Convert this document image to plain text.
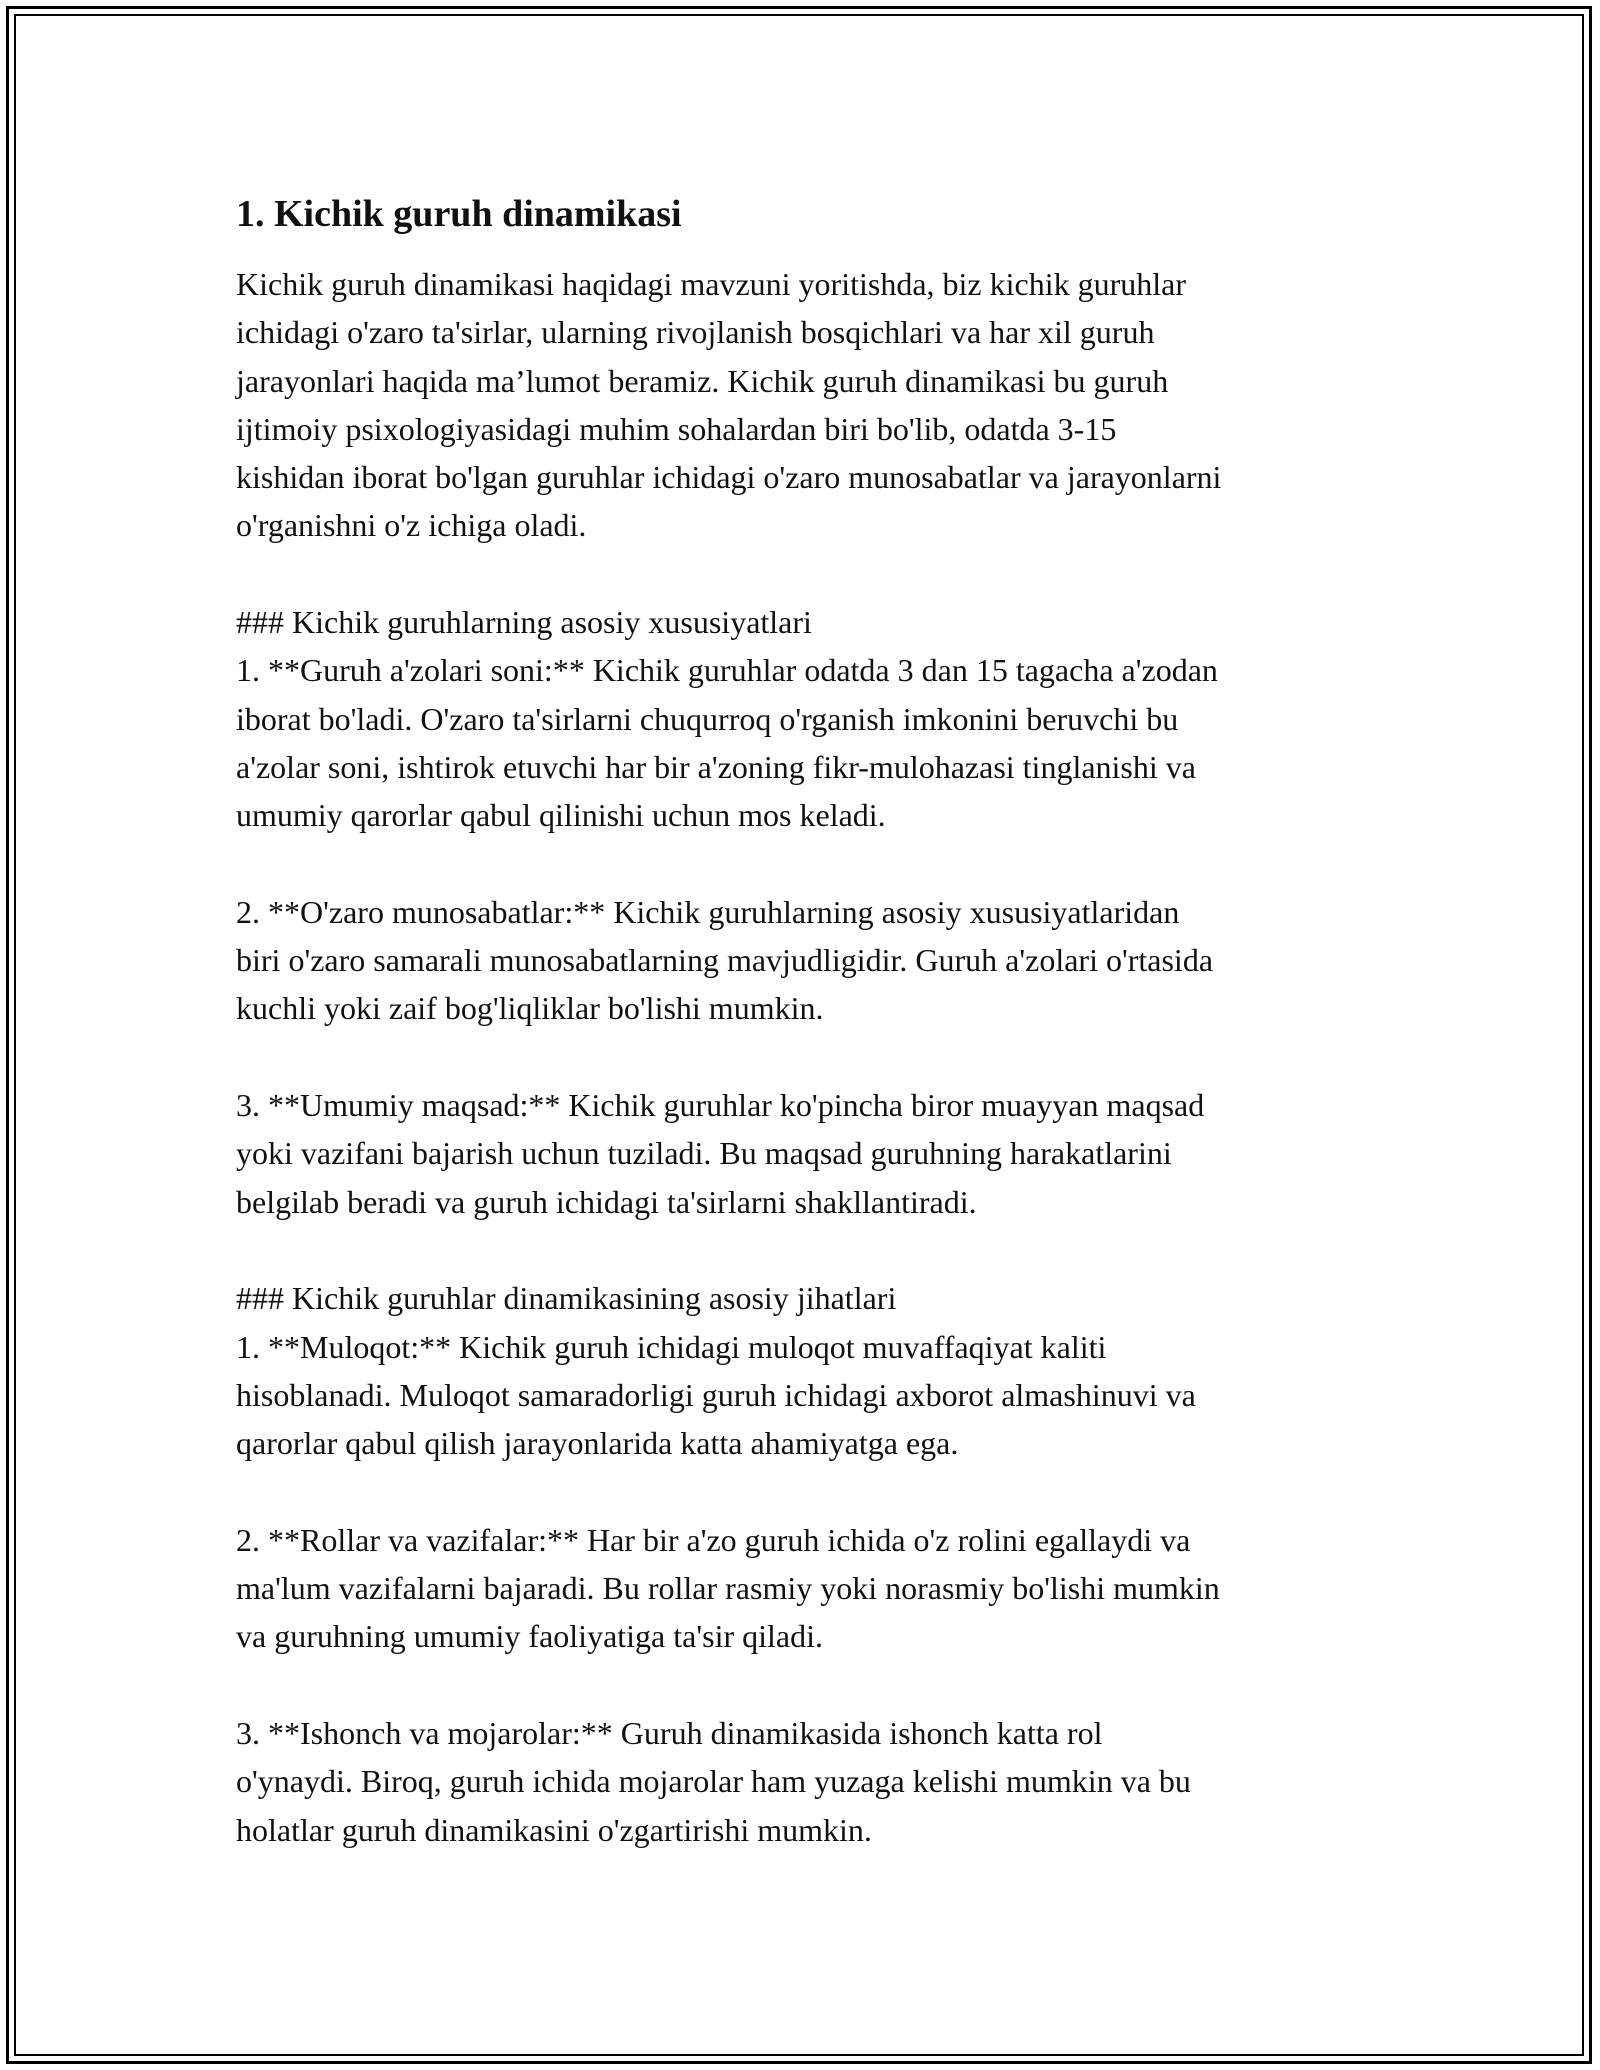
1. Kichik guruh dinamikasi

Kichik guruh dinamikasi haqidagi mavzuni yoritishda, biz kichik guruhlar
ichidagi o'zaro ta'sirlar, ularning rivojlanish bosqichlari va har xil guruh
jarayonlari haqida ma’lumot beramiz. Kichik guruh dinamikasi bu guruh
ijtimoiy psixologiyasidagi muhim sohalardan biri bo'lib, odatda 3-15
kishidan iborat bo'lgan guruhlar ichidagi o'zaro munosabatlar va jarayonlarni
o'rganishni o'z ichiga oladi.

### Kichik guruhlarning asosiy xususiyatlari
1. **Guruh a'zolari soni:** Kichik guruhlar odatda 3 dan 15 tagacha a'zodan
iborat bo'ladi. O'zaro ta'sirlarni chuqurroq o'rganish imkonini beruvchi bu
a'zolar soni, ishtirok etuvchi har bir a'zoning fikr-mulohazasi tinglanishi va
umumiy qarorlar qabul qilinishi uchun mos keladi.

2. **O'zaro munosabatlar:** Kichik guruhlarning asosiy xususiyatlaridan
biri o'zaro samarali munosabatlarning mavjudligidir. Guruh a'zolari o'rtasida
kuchli yoki zaif bog'liqliklar bo'lishi mumkin.

3. **Umumiy maqsad:** Kichik guruhlar ko'pincha biror muayyan maqsad
yoki vazifani bajarish uchun tuziladi. Bu maqsad guruhning harakatlarini
belgilab beradi va guruh ichidagi ta'sirlarni shakllantiradi.

### Kichik guruhlar dinamikasining asosiy jihatlari
1. **Muloqot:** Kichik guruh ichidagi muloqot muvaffaqiyat kaliti
hisoblanadi. Muloqot samaradorligi guruh ichidagi axborot almashinuvi va
qarorlar qabul qilish jarayonlarida katta ahamiyatga ega.

2. **Rollar va vazifalar:** Har bir a'zo guruh ichida o'z rolini egallaydi va
ma'lum vazifalarni bajaradi. Bu rollar rasmiy yoki norasmiy bo'lishi mumkin
va guruhning umumiy faoliyatiga ta'sir qiladi.

3. **Ishonch va mojarolar:** Guruh dinamikasida ishonch katta rol
o'ynaydi. Biroq, guruh ichida mojarolar ham yuzaga kelishi mumkin va bu
holatlar guruh dinamikasini o'zgartirishi mumkin.
